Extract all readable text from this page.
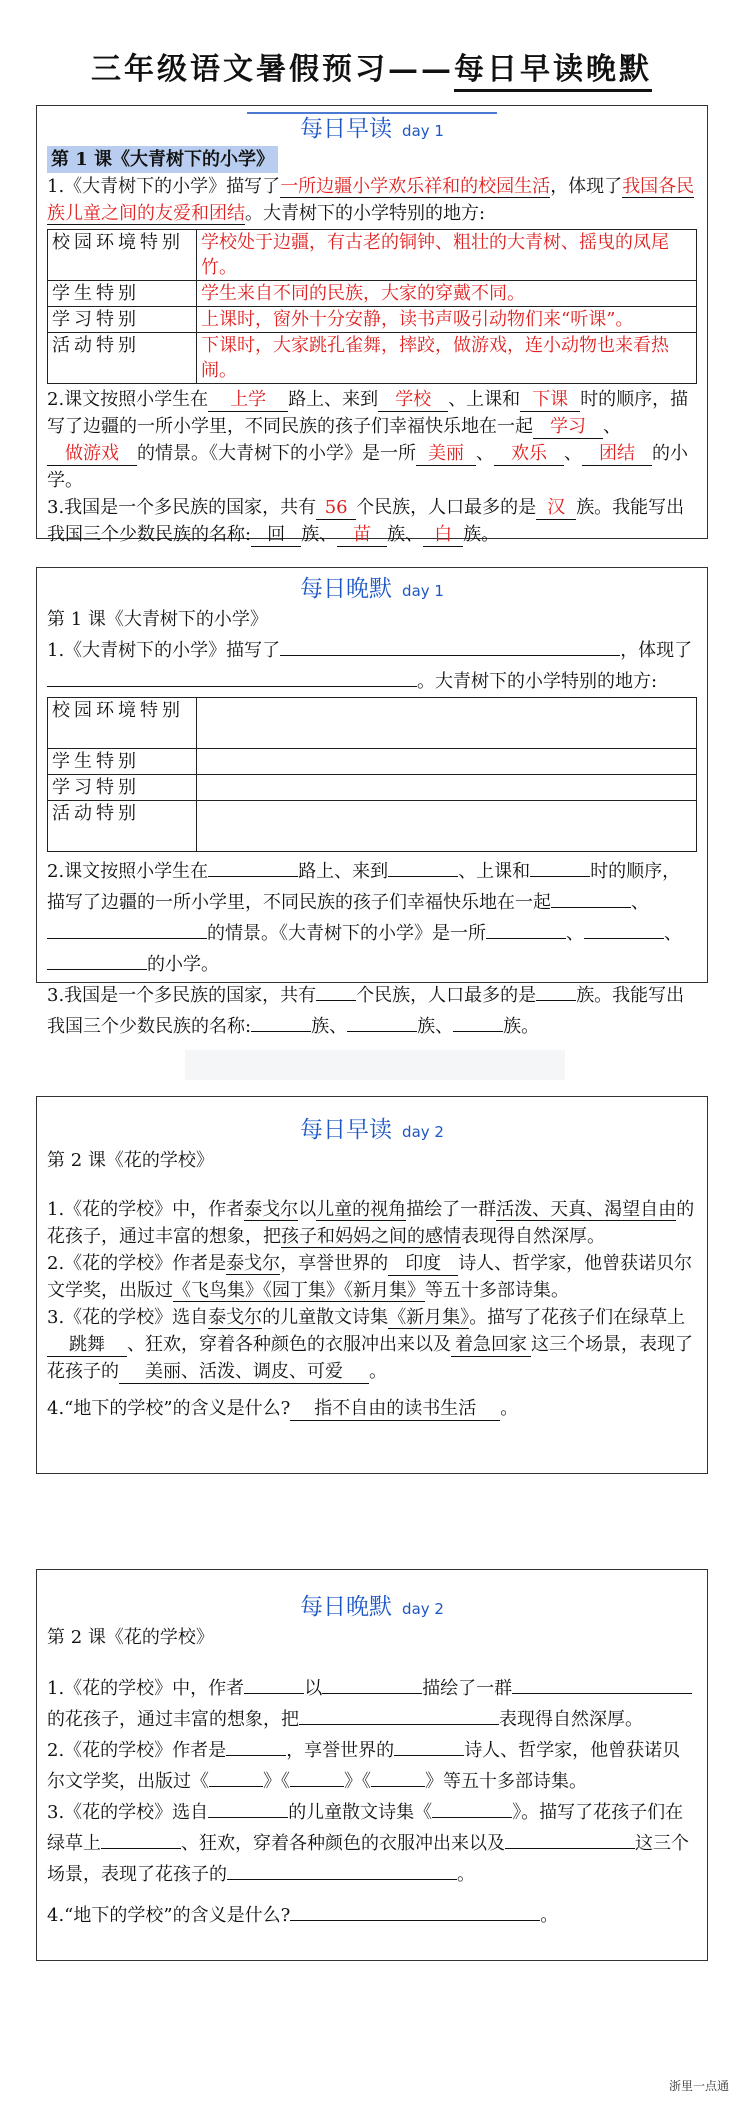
三年级语文暑假预习——每日早读晚默
每日早读 day 1
第 1 课《大青树下的小学》

1.《大青树下的小学》描写了一所边疆小学欢乐祥和的校园生活，体现了我国各民族儿童之间的友爱和团结。大青树下的小学特别的地方:

校园环境特别	学校处于边疆，有古老的铜钟、粗壮的大青树、摇曳的凤尾竹。
学生特别	学生来自不同的民族，大家的穿戴不同。
学习特别	上课时，窗外十分安静，读书声吸引动物们来“听课”。
活动特别	下课时，大家跳孔雀舞，摔跤，做游戏，连小动物也来看热闹。

2.课文按照小学生在 上学 路上、来到 学校 、上课和 下课 时的顺序，描写了边疆的一所小学里，不同民族的孩子们幸福快乐地在一起 学习 、做游戏 的情景。《大青树下的小学》是一所 美丽 、 欢乐 、 团结 的小学。

3.我国是一个多民族的国家，共有 56 个民族，人口最多的是 汉 族。我能写出我国三个少数民族的名称: 回 族、 苗 族、 白 族。

每日晚默 day 1
第 1 课《大青树下的小学》

1.《大青树下的小学》描写了	，体现了。大青树下的小学特别的地方:

校园环境特别	
学生特别	
学习特别	
活动特别	

2.课文按照小学生在	路上、来到	、上课和	时的顺序，描写了边疆的一所小学里，不同民族的孩子们幸福快乐地在一起	、的情景。《大青树下的小学》是一所	、	、的小学。

3.我国是一个多民族的国家，共有 个民族，人口最多的是 族。我能写出我国三个少数民族的名称:	族、	族、	族。

每日早读 day 2
第 2 课《花的学校》

1.《花的学校》中，作者泰戈尔以儿童的视角描绘了一群活泼、天真、渴望自由的花孩子，通过丰富的想象，把孩子和妈妈之间的感情表现得自然深厚。

2.《花的学校》作者是泰戈尔，享誉世界的 印度 诗人、哲学家，他曾获诺贝尔文学奖，出版过《飞鸟集》《园丁集》《新月集》等五十多部诗集。

3.《花的学校》选自泰戈尔的儿童散文诗集《新月集》。描写了花孩子们在绿草上跳舞 、狂欢，穿着各种颜色的衣服冲出来以及 着急回家 这三个场景，表现了花孩子的 美丽、活泼、调皮、可爱 。

4.“地下的学校”的含义是什么? 指不自由的读书生活 。

每日晚默 day 2
第 2 课《花的学校》

1.《花的学校》中，作者	以	描绘了一群的花孩子，通过丰富的想象，把	表现得自然深厚。

2.《花的学校》作者是	，享誉世界的	诗人、哲学家，他曾获诺贝尔文学奖，出版过《	》《	》《	》等五十多部诗集。

3.《花的学校》选自	的儿童散文诗集《	》。描写了花孩子们在绿草上	、狂欢，穿着各种颜色的衣服冲出来以及	这三个场景，表现了花孩子的	。

4.“地下的学校”的含义是什么?	。

浙里一点通
